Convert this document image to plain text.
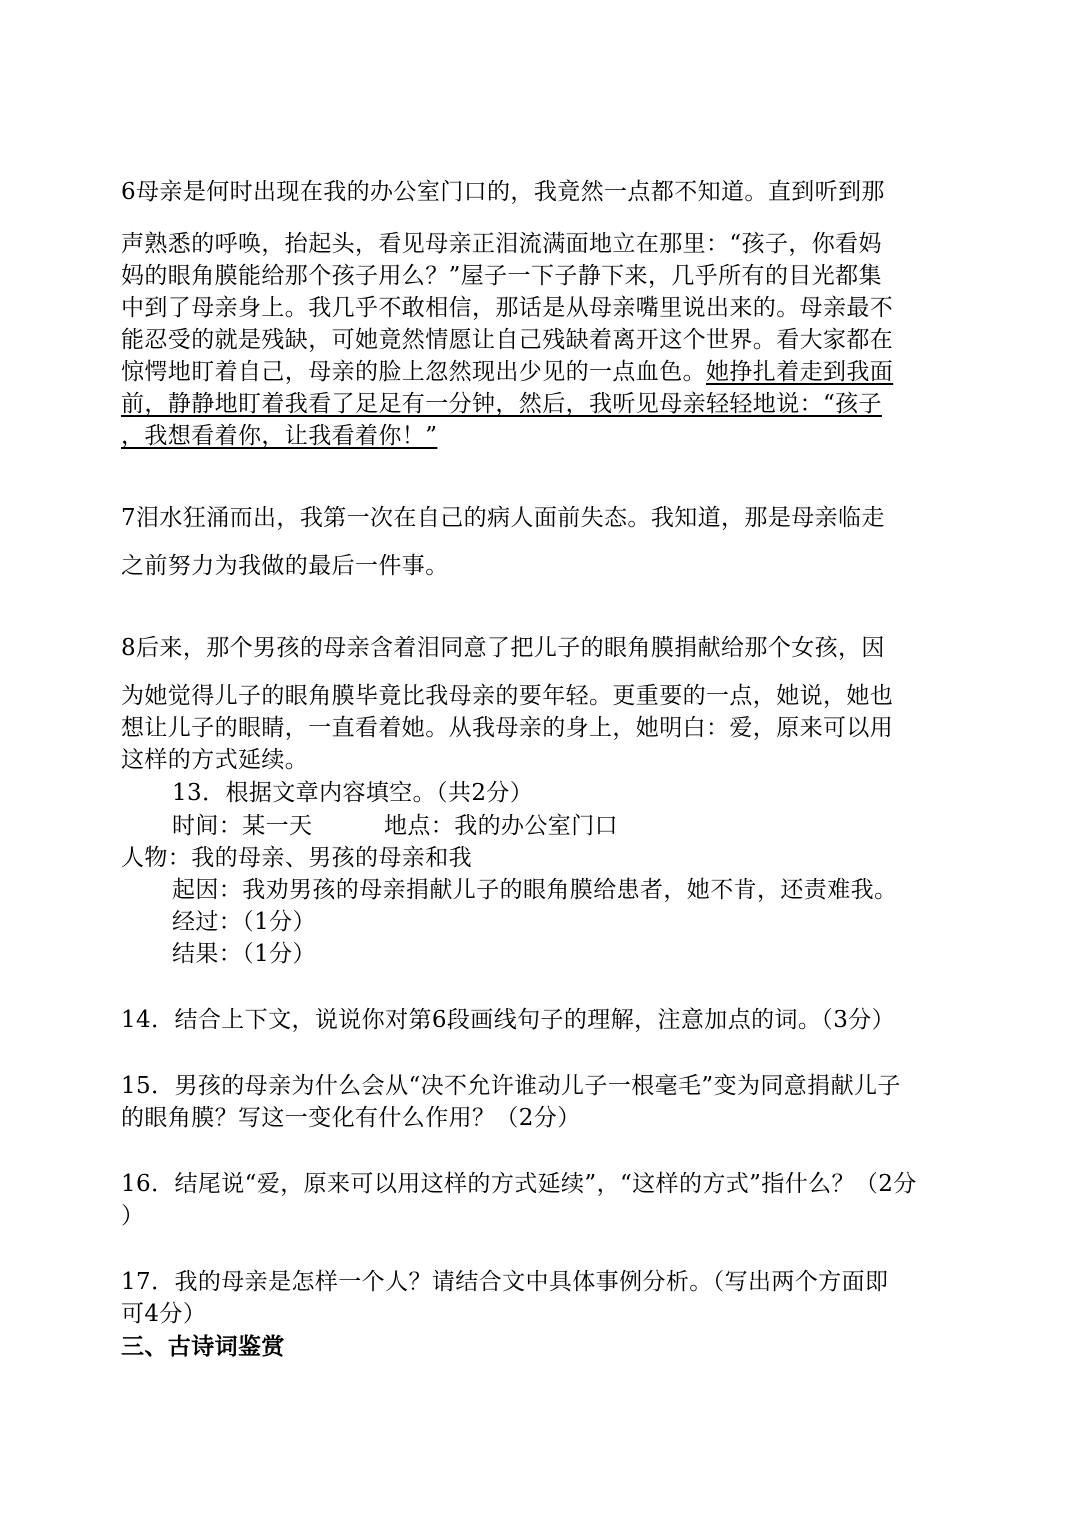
6母亲是何时出现在我的办公室门口的，我竟然一点都不知道。直到听到那
声熟悉的呼唤，抬起头，看见母亲正泪流满面地立在那里：“孩子，你看妈
妈的眼角膜能给那个孩子用么？”屋子一下子静下来，几乎所有的目光都集
中到了母亲身上。我几乎不敢相信，那话是从母亲嘴里说出来的。母亲最不
能忍受的就是残缺，可她竟然情愿让自己残缺着离开这个世界。看大家都在
惊愕地盯着自己，母亲的脸上忽然现出少见的一点血色。她挣扎着走到我面
前，静静地盯着我看了足足有一分钟，然后，我听见母亲轻轻地说：“孩子
，我想看着你，让我看着你！”
7泪水狂涌而出，我第一次在自己的病人面前失态。我知道，那是母亲临走
之前努力为我做的最后一件事。
8后来，那个男孩的母亲含着泪同意了把儿子的眼角膜捐献给那个女孩，因
为她觉得儿子的眼角膜毕竟比我母亲的要年轻。更重要的一点，她说，她也
想让儿子的眼睛，一直看着她。从我母亲的身上，她明白：爱，原来可以用
这样的方式延续。
13．根据文章内容填空。（共2分）
时间：某一天	地点：我的办公室门口
人物：我的母亲、男孩的母亲和我
起因：我劝男孩的母亲捐献儿子的眼角膜给患者，她不肯，还责难我。
经过：（1分）
结果：（1分）
14．结合上下文，说说你对第6段画线句子的理解，注意加点的词。（3分）
15．男孩的母亲为什么会从“决不允许谁动儿子一根毫毛”变为同意捐献儿子
的眼角膜？写这一变化有什么作用？（2分）
16．结尾说“爱，原来可以用这样的方式延续”，“这样的方式”指什么？（2分
）
17．我的母亲是怎样一个人？请结合文中具体事例分析。（写出两个方面即
可4分）
三、古诗词鉴赏
